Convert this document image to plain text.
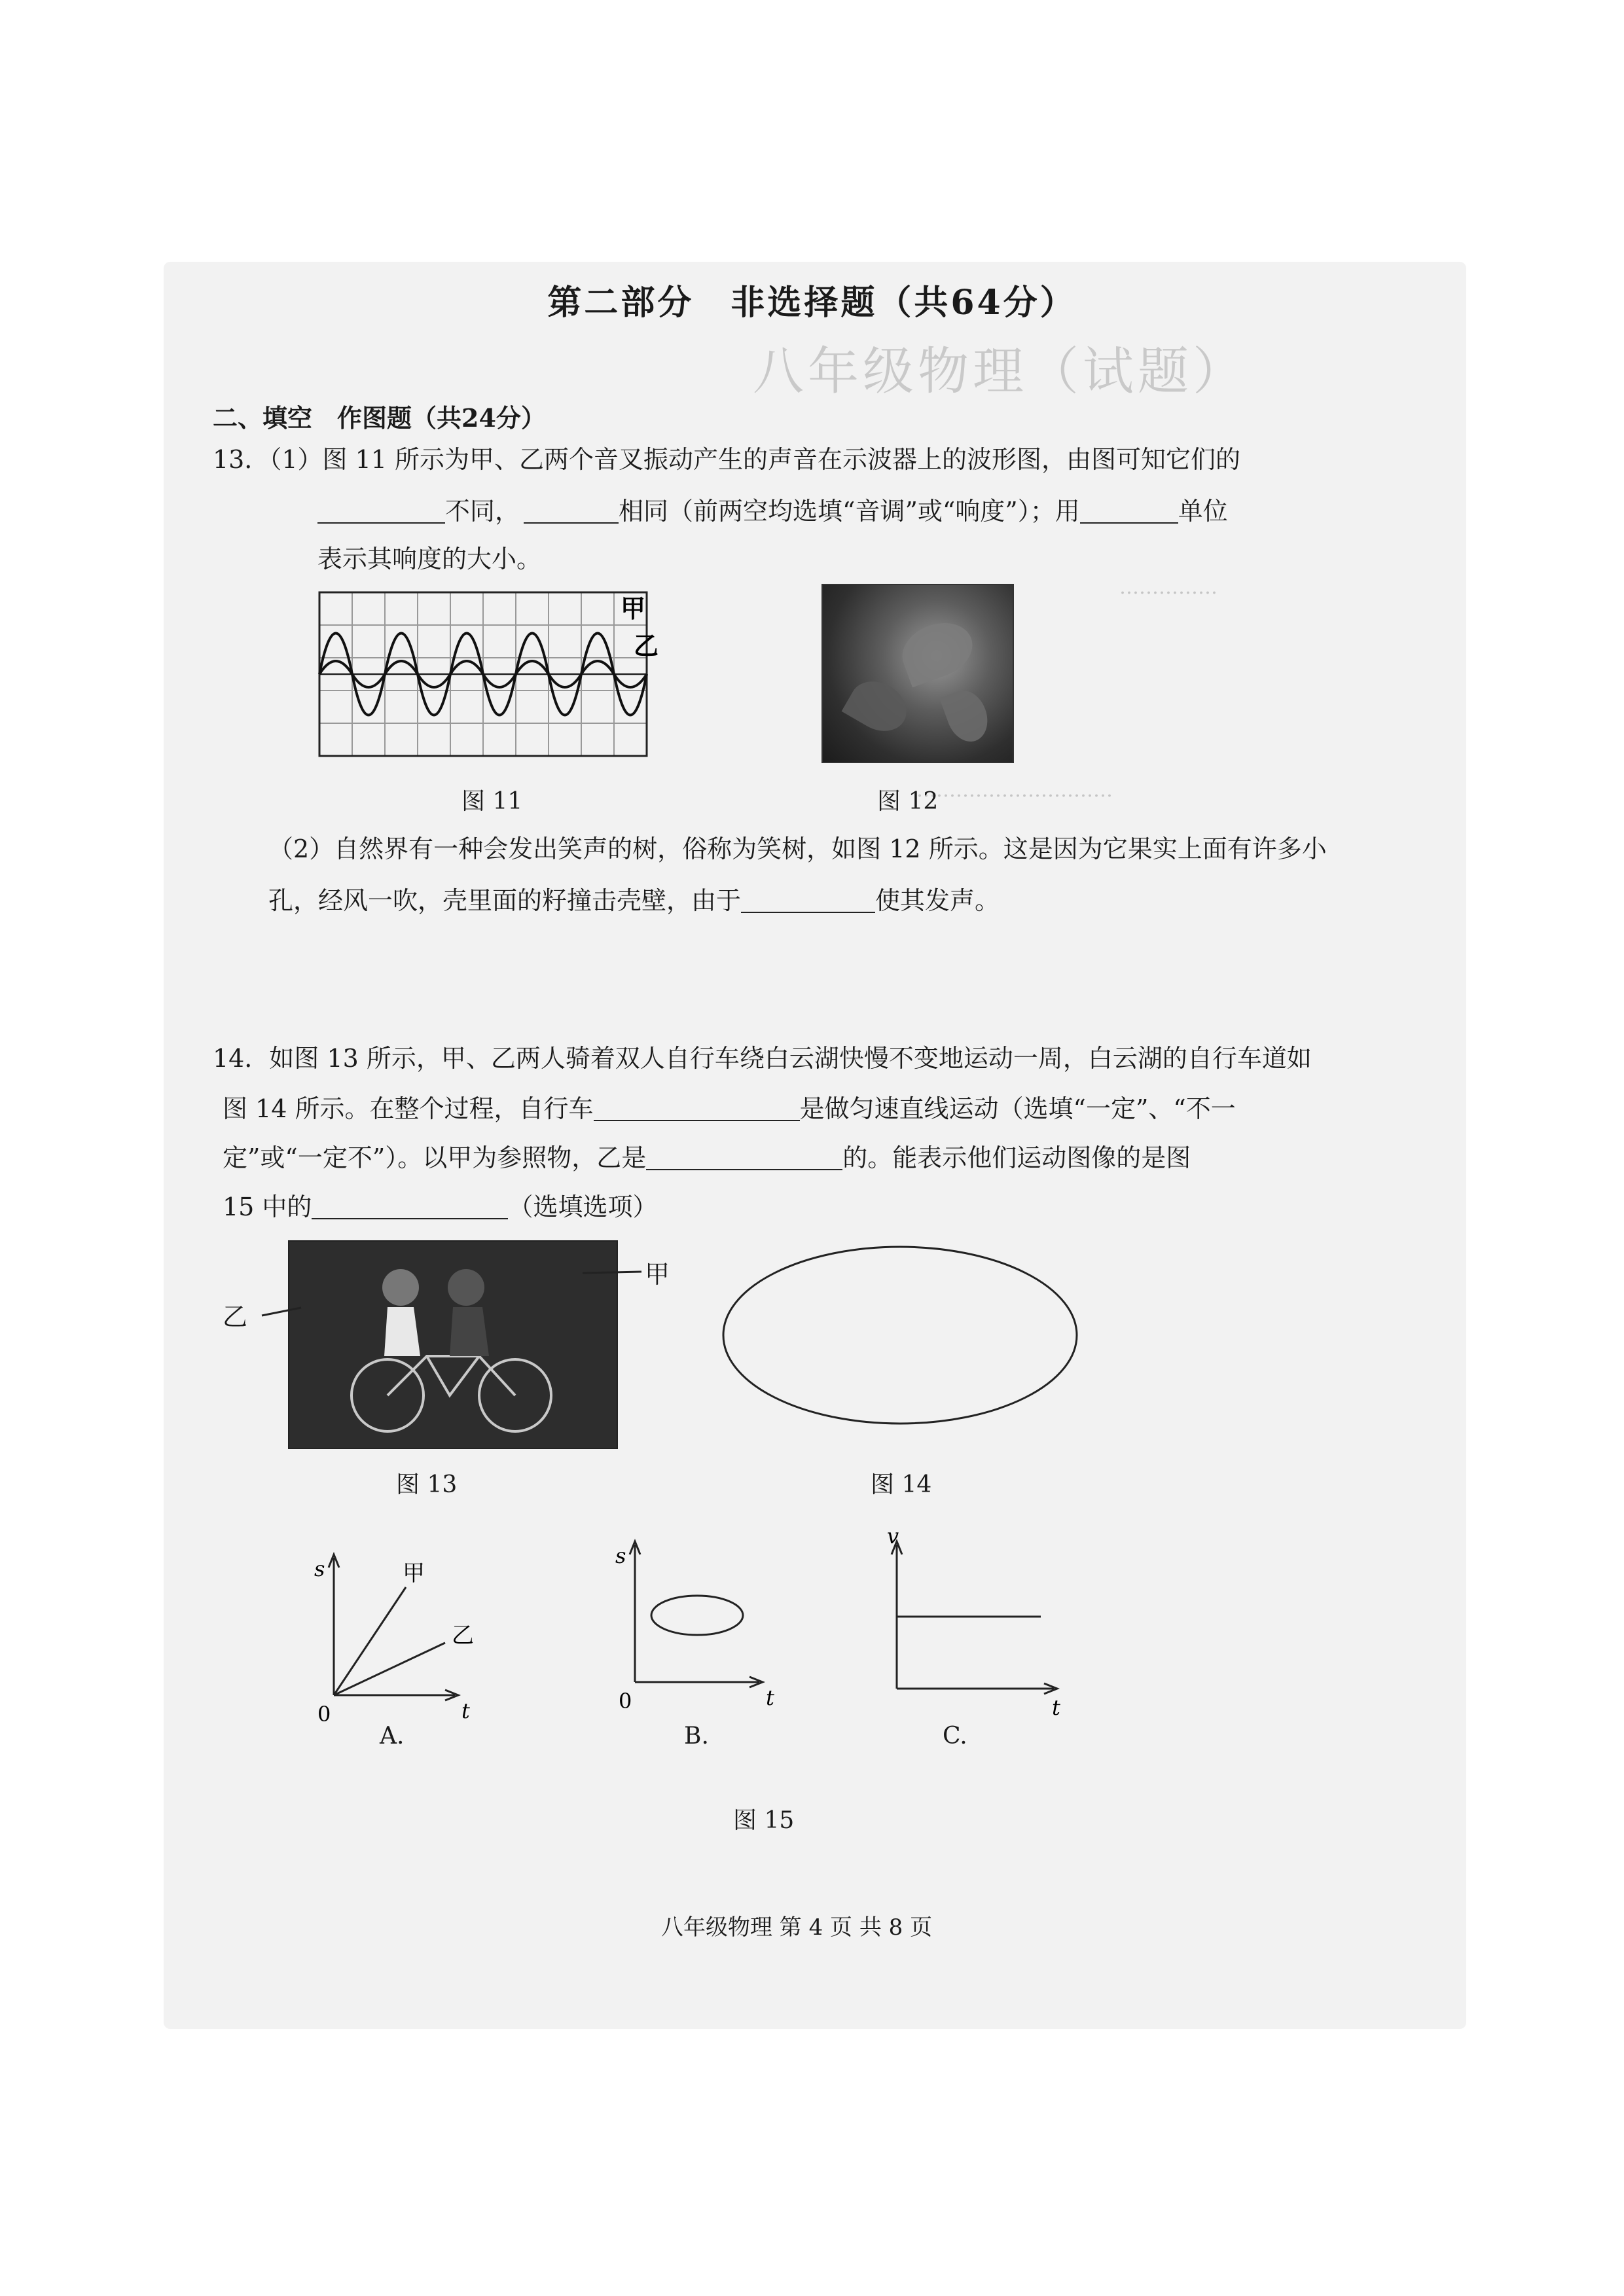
八年级物理（试题）
……………
…………………………
第二部分　非选择题（共64分）
二、填空　作图题（共24分）
13．（1）图 11 所示为甲、乙两个音叉振动产生的声音在示波器上的波形图，由图可知它们的
不同，	相同（前两空均选填“音调”或“响度”）；用	单位
表示其响度的大小。
甲
乙
图 11	图 12
（2）自然界有一种会发出笑声的树，俗称为笑树，如图 12 所示。这是因为它果实上面有许多小
孔，经风一吹，壳里面的籽撞击壳壁，由于	使其发声。
14．如图 13 所示，甲、乙两人骑着双人自行车绕白云湖快慢不变地运动一周，白云湖的自行车道如
图 14 所示。在整个过程，自行车	是做匀速直线运动（选填“一定”、“不一
定”或“一定不”）。以甲为参照物，乙是	的。能表示他们运动图像的是图
15 中的	（选填选项）
乙
甲
图 13	图 14
s
t
0
甲
乙
A.
s
t
0
B.
v
t
C.
图 15
八年级物理 第 4 页 共 8 页
